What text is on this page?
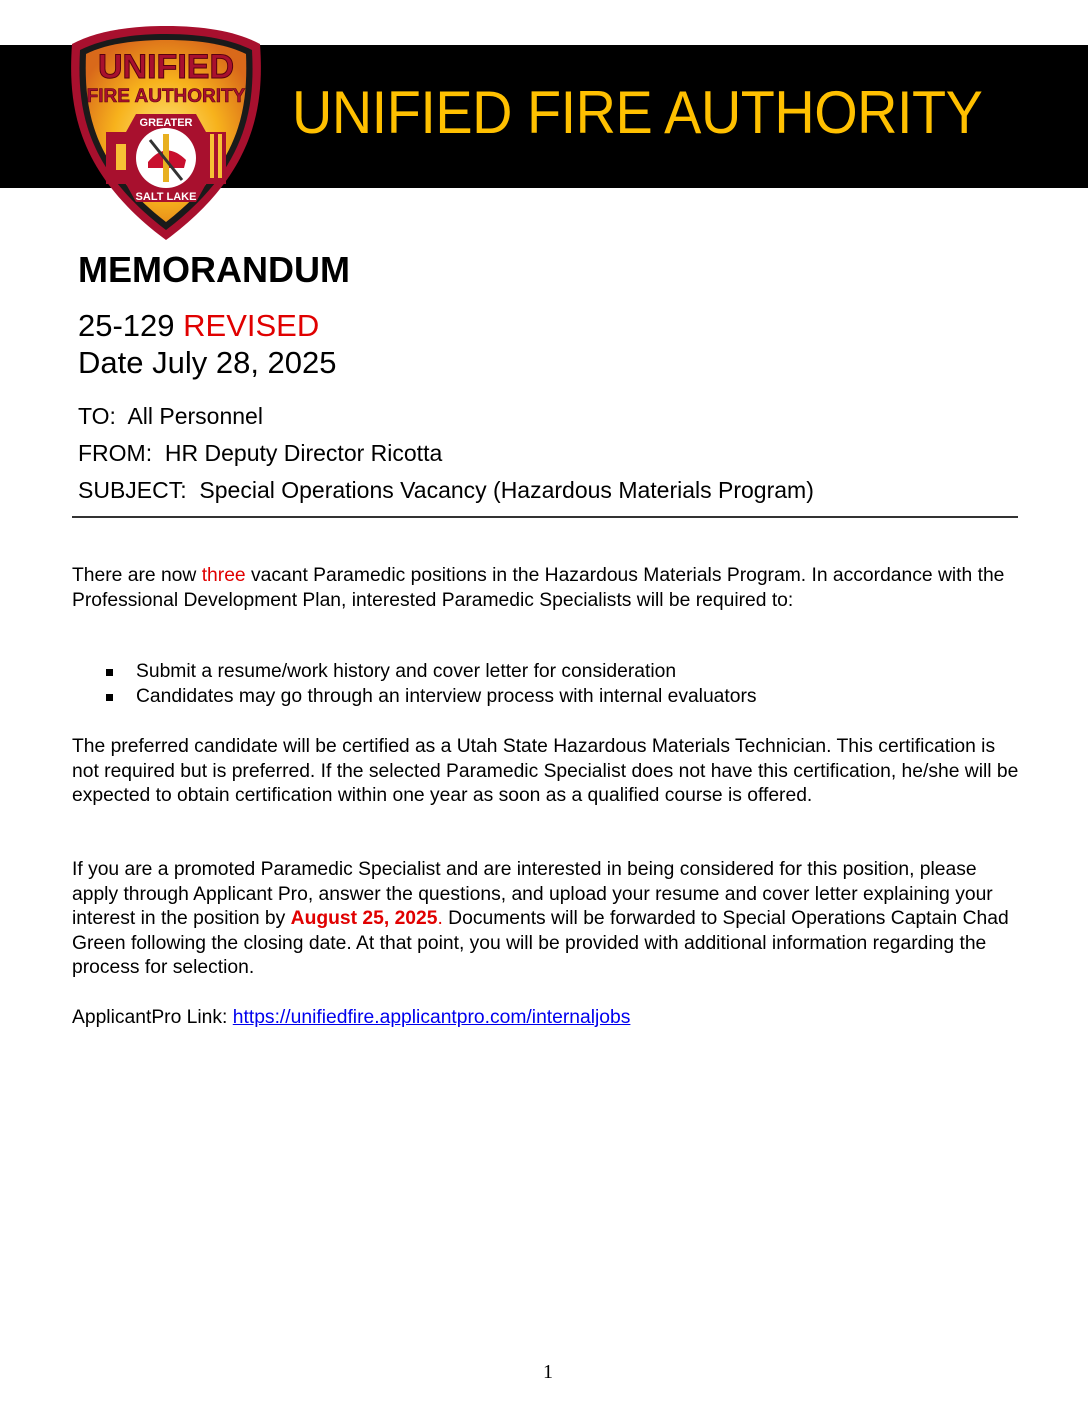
UNIFIED FIRE AUTHORITY
UNIFIED
FIRE AUTHORITY
GREATER
SALT LAKE
MEMORANDUM
25-129 REVISED
Date July 28, 2025
TO: All Personnel
FROM: HR Deputy Director Ricotta
SUBJECT: Special Operations Vacancy (Hazardous Materials Program)
There are now three vacant Paramedic positions in the Hazardous Materials Program. In accordance with the Professional Development Plan, interested Paramedic Specialists will be required to:
Submit a resume/work history and cover letter for consideration
Candidates may go through an interview process with internal evaluators
The preferred candidate will be certified as a Utah State Hazardous Materials Technician. This certification is not required but is preferred. If the selected Paramedic Specialist does not have this certification, he/she will be expected to obtain certification within one year as soon as a qualified course is offered.
If you are a promoted Paramedic Specialist and are interested in being considered for this position, please apply through Applicant Pro, answer the questions, and upload your resume and cover letter explaining your interest in the position by August 25, 2025. Documents will be forwarded to Special Operations Captain Chad Green following the closing date. At that point, you will be provided with additional information regarding the process for selection.
ApplicantPro Link: https://unifiedfire.applicantpro.com/internaljobs
1
